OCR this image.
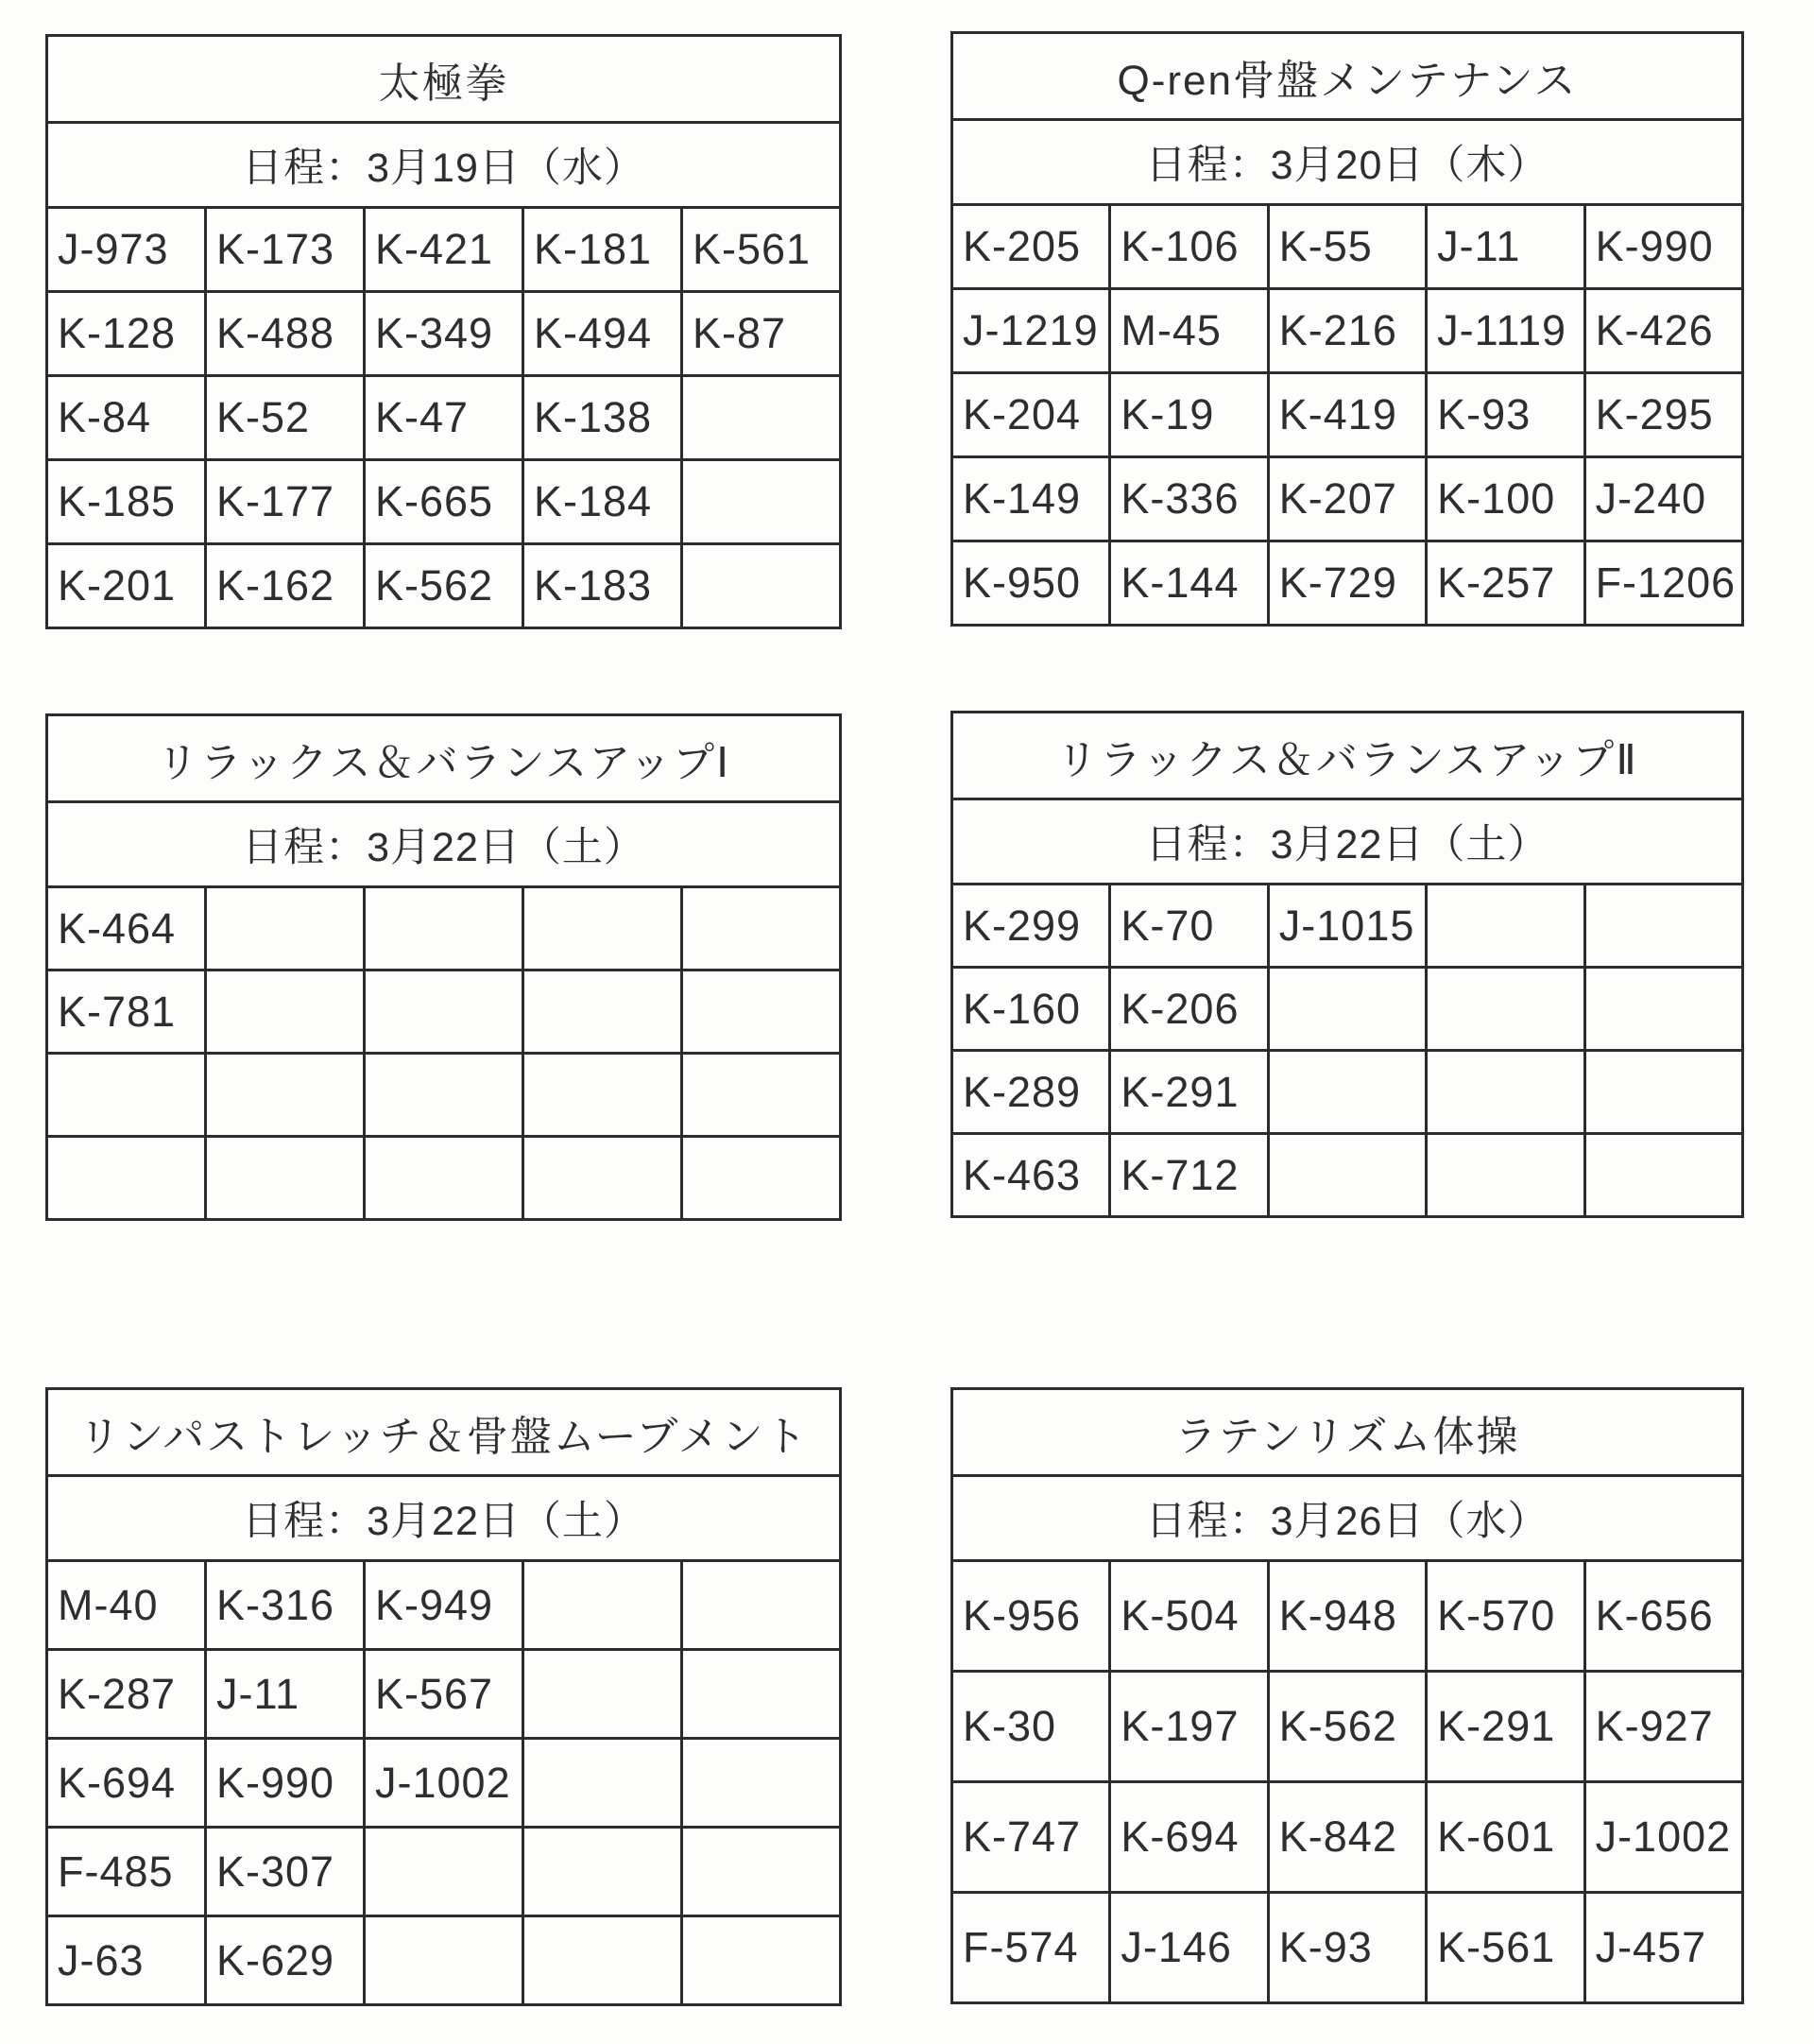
太極拳				
日程：3月19日（水）				
J-973	K-173	K-421	K-181	K-561
K-128	K-488	K-349	K-494	K-87
K-84	K-52	K-47	K-138	
K-185	K-177	K-665	K-184	
K-201	K-162	K-562	K-183	
Q-ren骨盤メンテナンス				
日程：3月20日（木）				
K-205	K-106	K-55	J-11	K-990
J-1219	M-45	K-216	J-1119	K-426
K-204	K-19	K-419	K-93	K-295
K-149	K-336	K-207	K-100	J-240
K-950	K-144	K-729	K-257	F-1206
リラックス＆バランスアップⅠ				
日程：3月22日（土）				
K-464				
K-781				

リラックス＆バランスアップⅡ				
日程：3月22日（土）				
K-299	K-70	J-1015		
K-160	K-206			
K-289	K-291			
K-463	K-712			
リンパストレッチ＆骨盤ムーブメント				
日程：3月22日（土）				
M-40	K-316	K-949		
K-287	J-11	K-567		
K-694	K-990	J-1002		
F-485	K-307			
J-63	K-629			
ラテンリズム体操				
日程：3月26日（水）				
K-956	K-504	K-948	K-570	K-656
K-30	K-197	K-562	K-291	K-927
K-747	K-694	K-842	K-601	J-1002
F-574	J-146	K-93	K-561	J-457
